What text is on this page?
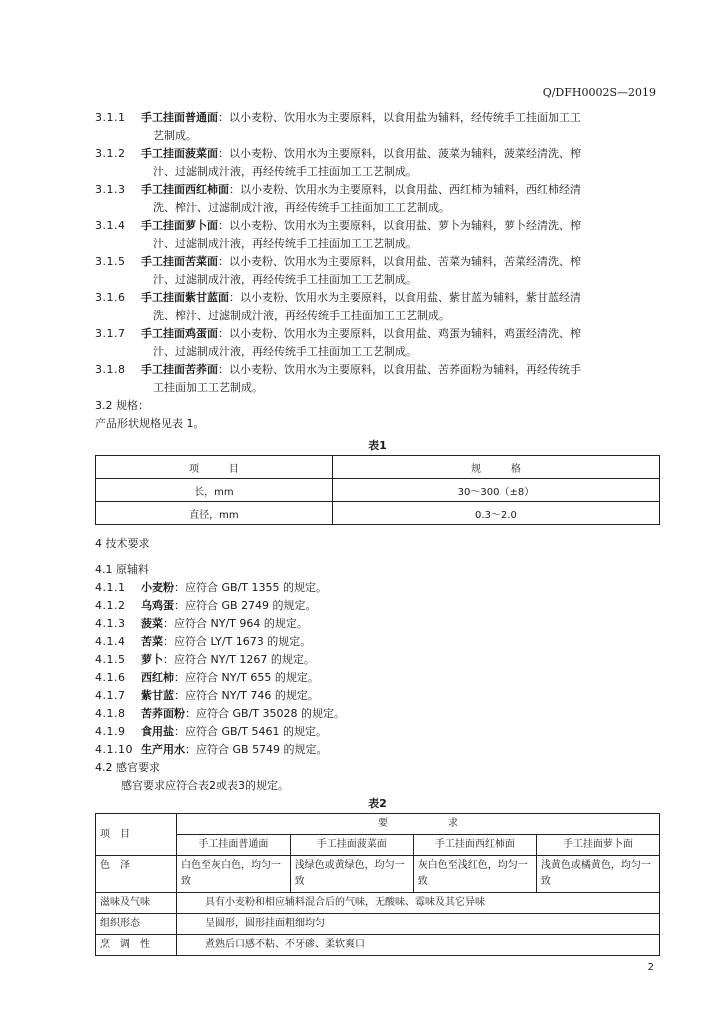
Q/DFH0002S—2019
3.1.1	手工挂面普通面：以小麦粉、饮用水为主要原料，以食用盐为辅料，经传统手工挂面加工工
艺制成。
3.1.2	手工挂面菠菜面：以小麦粉、饮用水为主要原料，以食用盐、菠菜为辅料，菠菜经清洗、榨
汁、过滤制成汁液，再经传统手工挂面加工工艺制成。
3.1.3	手工挂面西红柿面：以小麦粉、饮用水为主要原料，以食用盐、西红柿为辅料，西红柿经清
洗、榨汁、过滤制成汁液，再经传统手工挂面加工工艺制成。
3.1.4	手工挂面萝卜面：以小麦粉、饮用水为主要原料，以食用盐、萝卜为辅料，萝卜经清洗、榨
汁、过滤制成汁液，再经传统手工挂面加工工艺制成。
3.1.5	手工挂面苦菜面：以小麦粉、饮用水为主要原料，以食用盐、苦菜为辅料，苦菜经清洗、榨
汁、过滤制成汁液，再经传统手工挂面加工工艺制成。
3.1.6	手工挂面紫甘蓝面：以小麦粉、饮用水为主要原料，以食用盐、紫甘蓝为辅料，紫甘蓝经清
洗、榨汁、过滤制成汁液，再经传统手工挂面加工工艺制成。
3.1.7	手工挂面鸡蛋面：以小麦粉、饮用水为主要原料，以食用盐、鸡蛋为辅料，鸡蛋经清洗、榨
汁、过滤制成汁液，再经传统手工挂面加工工艺制成。
3.1.8	手工挂面苦荞面：以小麦粉、饮用水为主要原料，以食用盐、苦荞面粉为辅料，再经传统手
工挂面加工工艺制成。
3.2 规格：
产品形状规格见表 1。
表1
项　　　目	规　　　格
长，mm	30～300（±8）
直径，mm	0.3～2.0
4 技术要求
4.1 原辅料
4.1.1	小麦粉：应符合 GB/T 1355 的规定。
4.1.2	乌鸡蛋：应符合 GB 2749 的规定。
4.1.3	菠菜：应符合 NY/T 964 的规定。
4.1.4	苦菜：应符合 LY/T 1673 的规定。
4.1.5	萝卜：应符合 NY/T 1267 的规定。
4.1.6	西红柿：应符合 NY/T 655 的规定。
4.1.7	紫甘蓝：应符合 NY/T 746 的规定。
4.1.8	苦荞面粉：应符合 GB/T 35028 的规定。
4.1.9	食用盐：应符合 GB/T 5461 的规定。
4.1.10 生产用水：应符合 GB 5749 的规定。
4.2 感官要求
感官要求应符合表2或表3的规定。
表2
项　目	要　　　　　　求			
	手工挂面普通面	手工挂面菠菜面	手工挂面西红柿面	手工挂面萝卜面
色　泽	白色至灰白色，均匀一致	浅绿色或黄绿色，均匀一致	灰白色至浅红色，均匀一致	浅黄色或橘黄色，均匀一致
滋味及气味	具有小麦粉和相应辅料混合后的气味，无酸味、霉味及其它异味			
组织形态	呈圆形，圆形挂面粗细均匀			
烹　调　性	煮熟后口感不粘、不牙碜、柔软爽口			
2
